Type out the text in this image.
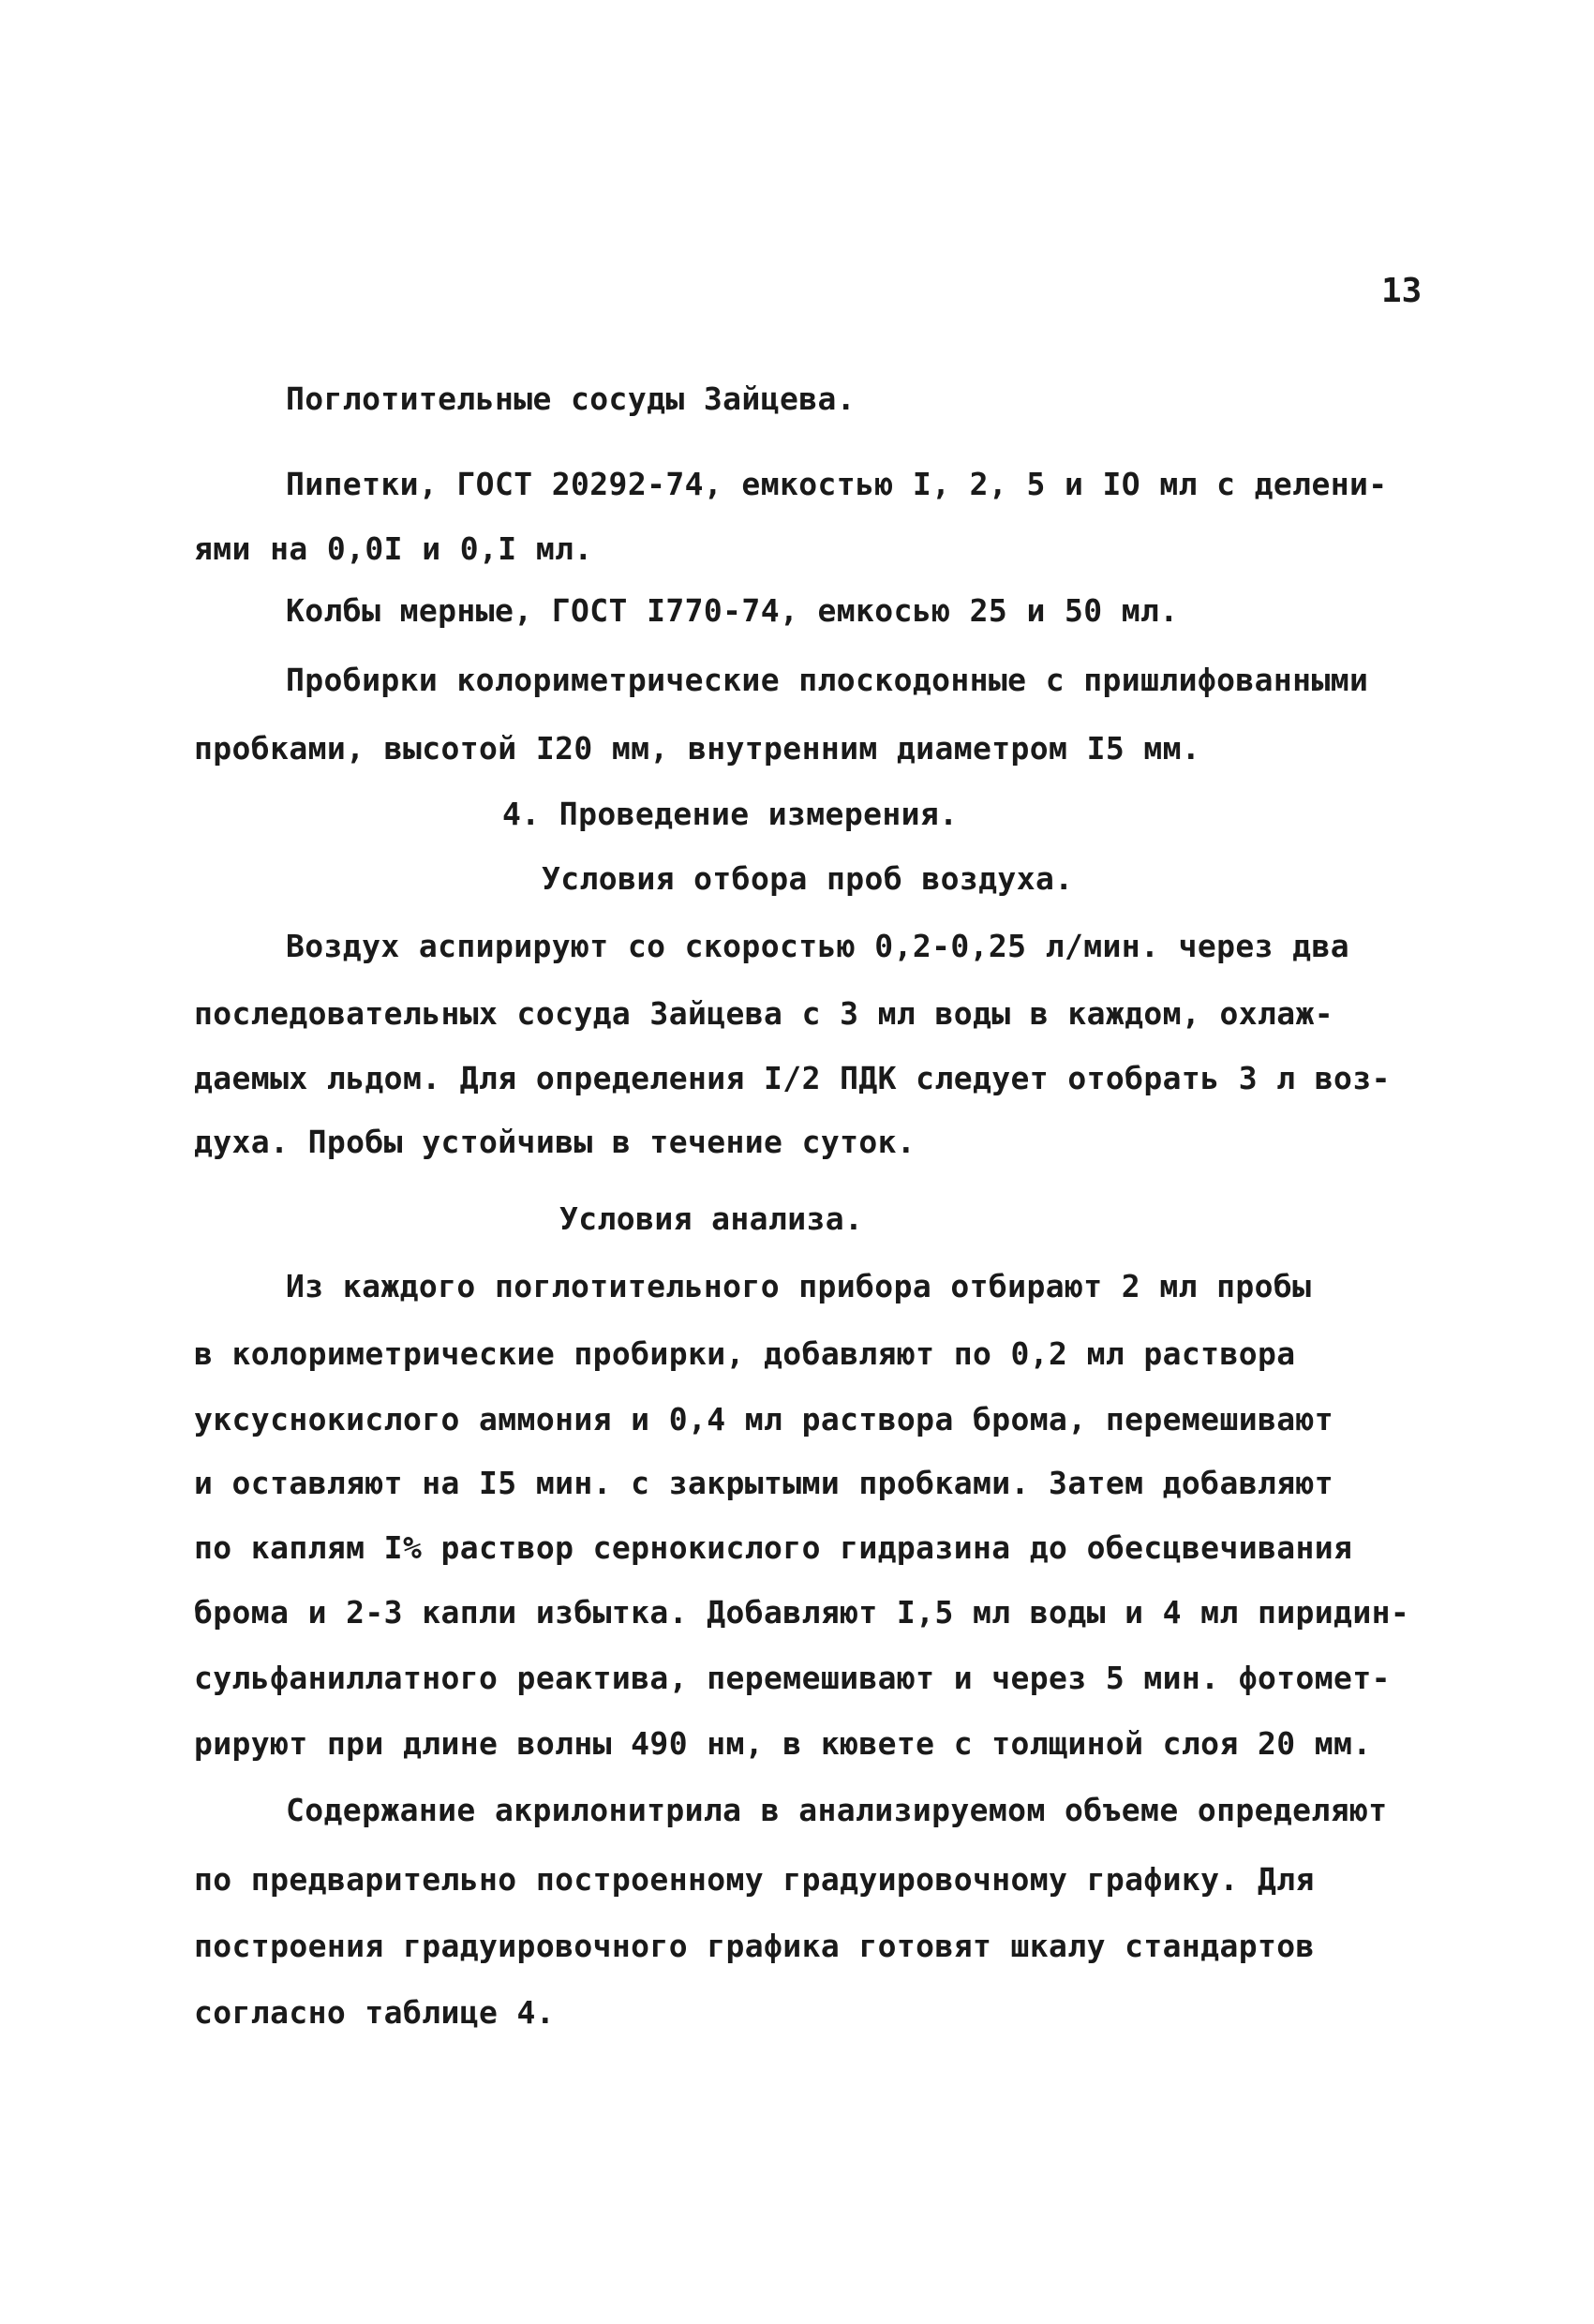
13
Поглотительные сосуды Зайцева.
Пипетки, ГОСТ 20292-74, емкостью I, 2, 5 и IO мл с делени-
ями на 0,0I и 0,I мл.
Колбы мерные, ГОСТ I770-74, емкосью 25 и 50 мл.
Пробирки колориметрические плоскодонные с пришлифованными
пробками, высотой I20 мм, внутренним диаметром I5 мм.
4. Проведение измерения.
Условия отбора проб воздуха.
Воздух аспирируют со скоростью 0,2-0,25 л/мин. через два
последовательных сосуда Зайцева с 3 мл воды в каждом, охлаж-
даемых льдом. Для определения I/2 ПДК следует отобрать 3 л воз-
духа. Пробы устойчивы в течение суток.
Условия анализа.
Из каждого поглотительного прибора отбирают 2 мл пробы
в колориметрические пробирки, добавляют по 0,2 мл раствора
уксуснокислого аммония и 0,4 мл раствора брома, перемешивают
и оставляют на I5 мин. с закрытыми пробками. Затем добавляют
по каплям I% раствор сернокислого гидразина до обесцвечивания
брома и 2-3 капли избытка. Добавляют I,5 мл воды и 4 мл пиридин-
сульфаниллатного реактива, перемешивают и через 5 мин. фотомет-
рируют при длине волны 490 нм, в кювете с толщиной слоя 20 мм.
Содержание акрилонитрила в анализируемом объеме определяют
по предварительно построенному градуировочному графику. Для
построения градуировочного графика готовят шкалу стандартов
согласно таблице 4.
